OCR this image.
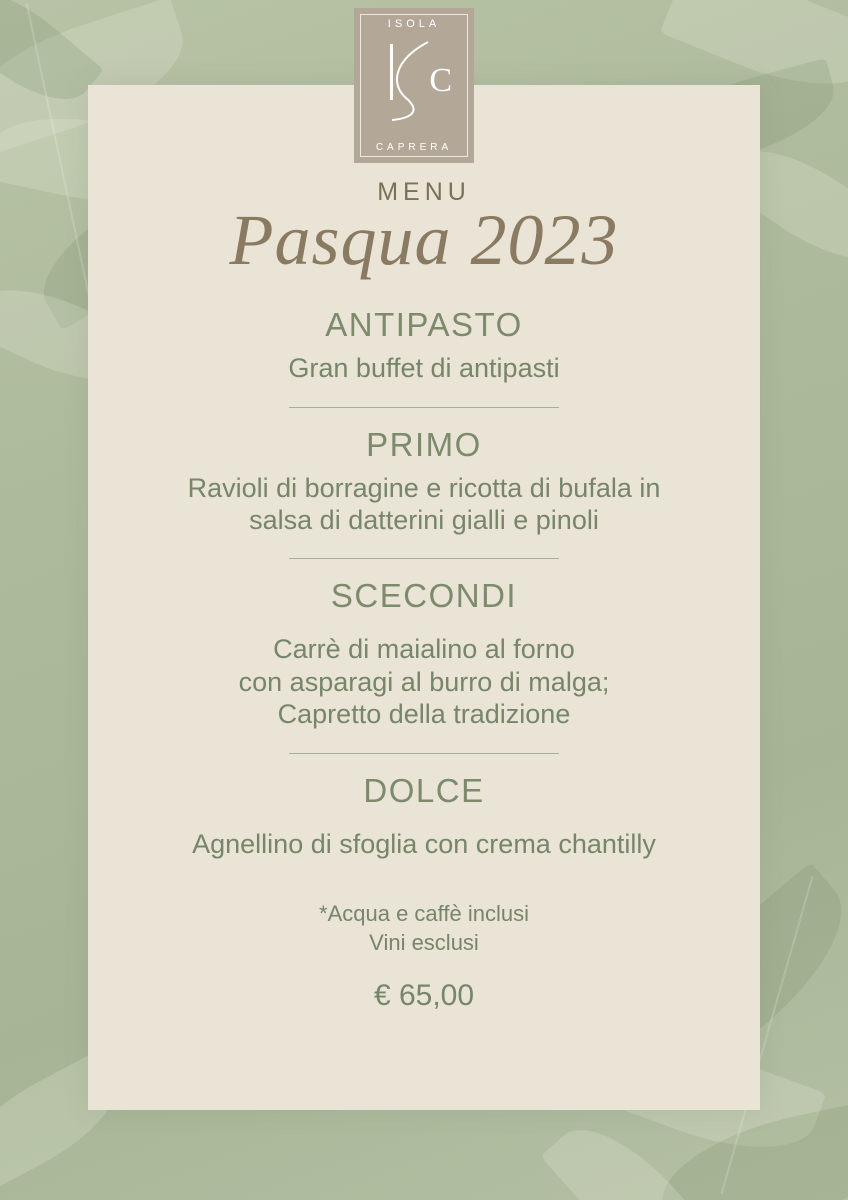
ISOLA
C
CAPRERA
MENU
Pasqua 2023
ANTIPASTO
Gran buffet di antipasti
PRIMO
Ravioli di borragine e ricotta di bufala in
salsa di datterini gialli e pinoli
SCECONDI
Carrè di maialino al forno
con asparagi al burro di malga;
Capretto della tradizione
DOLCE
Agnellino di sfoglia con crema chantilly
*Acqua e caffè inclusi
Vini esclusi
€ 65,00
